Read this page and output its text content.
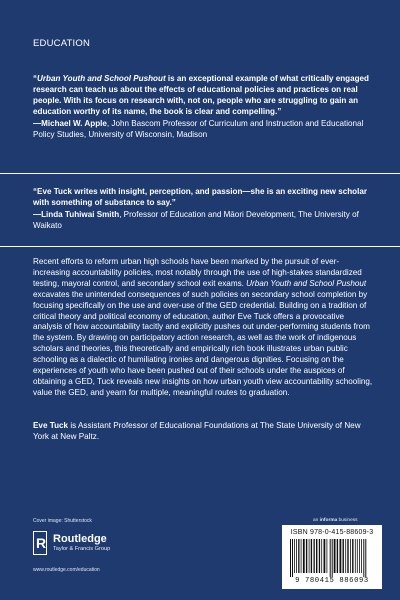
EDUCATION

“Urban Youth and School Pushout is an exceptional example of what critically engaged research can teach us about the effects of educational policies and practices on real people. With its focus on research with, not on, people who are struggling to gain an education worthy of its name, the book is clear and compelling.”

—Michael W. Apple, John Bascom Professor of Curriculum and Instruction and Educational Policy Studies, University of Wisconsin, Madison

“Eve Tuck writes with insight, perception, and passion—she is an exciting new scholar with something of substance to say.”

—Linda Tuhiwai Smith, Professor of Education and Māori Development, The University of Waikato

Recent efforts to reform urban high schools have been marked by the pursuit of ever-increasing accountability policies, most notably through the use of high-stakes standardized testing, mayoral control, and secondary school exit exams. Urban Youth and School Pushout excavates the unintended consequences of such policies on secondary school completion by focusing specifically on the use and over-use of the GED credential. Building on a tradition of critical theory and political economy of education, author Eve Tuck offers a provocative analysis of how accountability tacitly and explicitly pushes out under-performing students from the system. By drawing on participatory action research, as well as the work of indigenous scholars and theories, this theoretically and empirically rich book illustrates urban public schooling as a dialectic of humiliating ironies and dangerous dignities. Focusing on the experiences of youth who have been pushed out of their schools under the auspices of obtaining a GED, Tuck reveals new insights on how urban youth view accountability schooling, value the GED, and yearn for multiple, meaningful routes to graduation.

Eve Tuck is Assistant Professor of Educational Foundations at The State University of New York at New Paltz.

Cover image: Shutterstock
R Routledge
Taylor & Francis Group
www.routledge.com/education
an informa business
ISBN 978-0-415-88609-3
9 780415 886093
